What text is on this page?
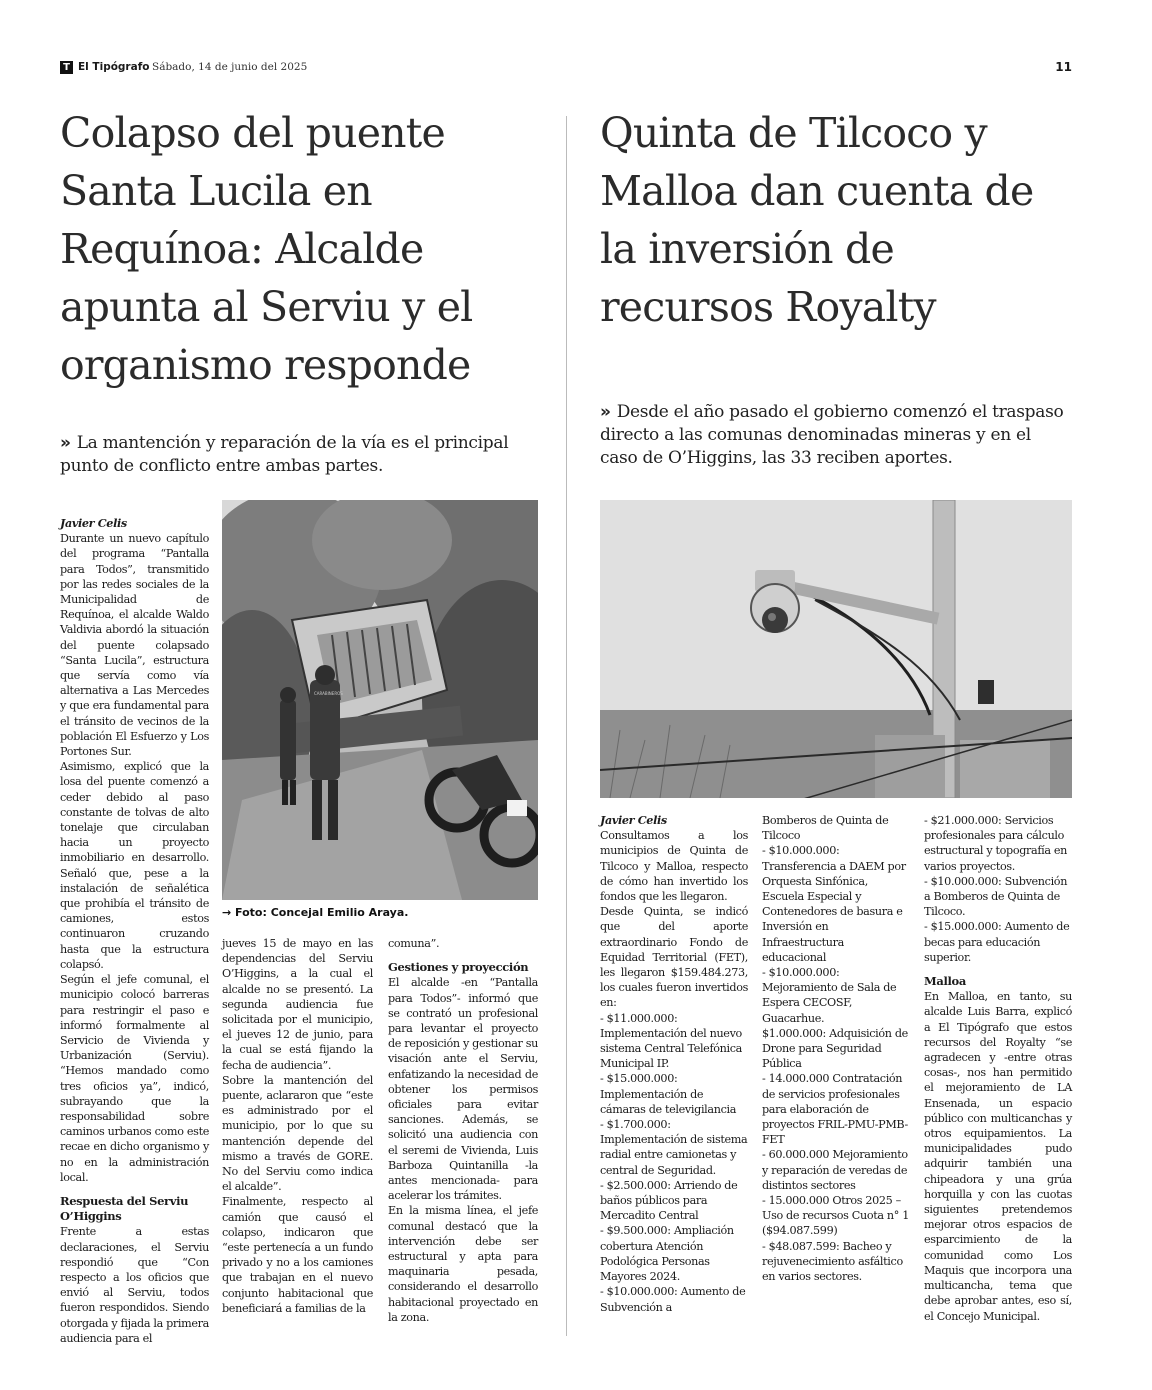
T El Tipógrafo Sábado, 14 de junio del 2025	11
Colapso del puente Santa Lucila en Requínoa: Alcalde apunta al Serviu y el organismo responde
» La mantención y reparación de la vía es el principal punto de conflicto entre ambas partes.
CARABINEROS
→ Foto: Concejal Emilio Araya.

Javier Celis

Durante un nuevo capítulo del programa “Pantalla para Todos”, transmitido por las redes sociales de la Municipalidad de Requínoa, el alcalde Waldo Valdivia abordó la situación del puente colapsado “Santa Lucila”, estructura que servía como vía alternativa a Las Mercedes y que era fundamental para el tránsito de vecinos de la población El Esfuerzo y Los Portones Sur.

Asimismo, explicó que la losa del puente comenzó a ceder debido al paso constante de tolvas de alto tonelaje que circulaban hacia un proyecto inmobiliario en desarrollo. Señaló que, pese a la instalación de señalética que prohibía el tránsito de camiones, estos continuaron cruzando hasta que la estructura colapsó.

Según el jefe comunal, el municipio colocó barreras para restringir el paso e informó formalmente al Servicio de Vivienda y Urbanización (Serviu). “Hemos mandado como tres oficios ya”, indicó, subrayando que la responsabilidad sobre caminos urbanos como este recae en dicho organismo y no en la administración local.

Respuesta del Serviu O’Higgins

Frente a estas declaraciones, el Serviu respondió que “Con respecto a los oficios que envió al Serviu, todos fueron respondidos. Siendo otorgada y fijada la primera audiencia para el

jueves 15 de mayo en las dependencias del Serviu O’Higgins, a la cual el alcalde no se presentó. La segunda audiencia fue solicitada por el municipio, el jueves 12 de junio, para la cual se está fijando la fecha de audiencia”.

Sobre la mantención del puente, aclararon que “este es administrado por el municipio, por lo que su mantención depende del mismo a través de GORE. No del Serviu como indica el alcalde”.

Finalmente, respecto al camión que causó el colapso, indicaron que “este pertenecía a un fundo privado y no a los camiones que trabajan en el nuevo conjunto habitacional que beneficiará a familias de la

comuna”.

Gestiones y proyección

El alcalde -en “Pantalla para Todos”- informó que se contrató un profesional para levantar el proyecto de reposición y gestionar su visación ante el Serviu, enfatizando la necesidad de obtener los permisos oficiales para evitar sanciones. Además, se solicitó una audiencia con el seremi de Vivienda, Luis Barboza Quintanilla -la antes mencionada- para acelerar los trámites.

En la misma línea, el jefe comunal destacó que la intervención debe ser estructural y apta para maquinaria pesada, considerando el desarrollo habitacional proyectado en la zona.

Quinta de Tilcoco y Malloa dan cuenta de la inversión de recursos Royalty
» Desde el año pasado el gobierno comenzó el traspaso directo a las comunas denominadas mineras y en el caso de O’Higgins, las 33 reciben aportes.

Javier Celis

Consultamos a los municipios de Quinta de Tilcoco y Malloa, respecto de cómo han invertido los fondos que les llegaron.

Desde Quinta, se indicó que del aporte extraordinario Fondo de Equidad Territorial (FET), les llegaron $159.484.273, los cuales fueron invertidos en:

- $11.000.000: Implementación del nuevo sistema Central Telefónica Municipal IP.

- $15.000.000: Implementación de cámaras de televigilancia

- $1.700.000: Implementación de sistema radial entre camionetas y central de Seguridad.

- $2.500.000: Arriendo de baños públicos para Mercadito Central

- $9.500.000: Ampliación cobertura Atención Podológica Personas Mayores 2024.

- $10.000.000: Aumento de Subvención a

Bomberos de Quinta de Tilcoco

- $10.000.000: Transferencia a DAEM por Orquesta Sinfónica, Escuela Especial y Contenedores de basura e Inversión en Infraestructura educacional

- $10.000.000: Mejoramiento de Sala de Espera CECOSF, Guacarhue.

$1.000.000: Adquisición de Drone para Seguridad Pública

- 14.000.000 Contratación de servicios profesionales para elaboración de proyectos FRIL-PMU-PMB-FET

- 60.000.000 Mejoramiento y reparación de veredas de distintos sectores

- 15.000.000 Otros 2025 – Uso de recursos Cuota n° 1 ($94.087.599)

- $48.087.599: Bacheo y rejuvenecimiento asfáltico en varios sectores.

- $21.000.000: Servicios profesionales para cálculo estructural y topografía en varios proyectos.

- $10.000.000: Subvención a Bomberos de Quinta de Tilcoco.

- $15.000.000: Aumento de becas para educación superior.

Malloa

En Malloa, en tanto, su alcalde Luis Barra, explicó a El Tipógrafo que estos recursos del Royalty “se agradecen y -entre otras cosas-, nos han permitido el mejoramiento de LA Ensenada, un espacio público con multicanchas y otros equipamientos. La municipalidades pudo adquirir también una chipeadora y una grúa horquilla y con las cuotas siguientes pretendemos mejorar otros espacios de esparcimiento de la comunidad como Los Maquis que incorpora una multicancha, tema que debe aprobar antes, eso sí, el Concejo Municipal.
